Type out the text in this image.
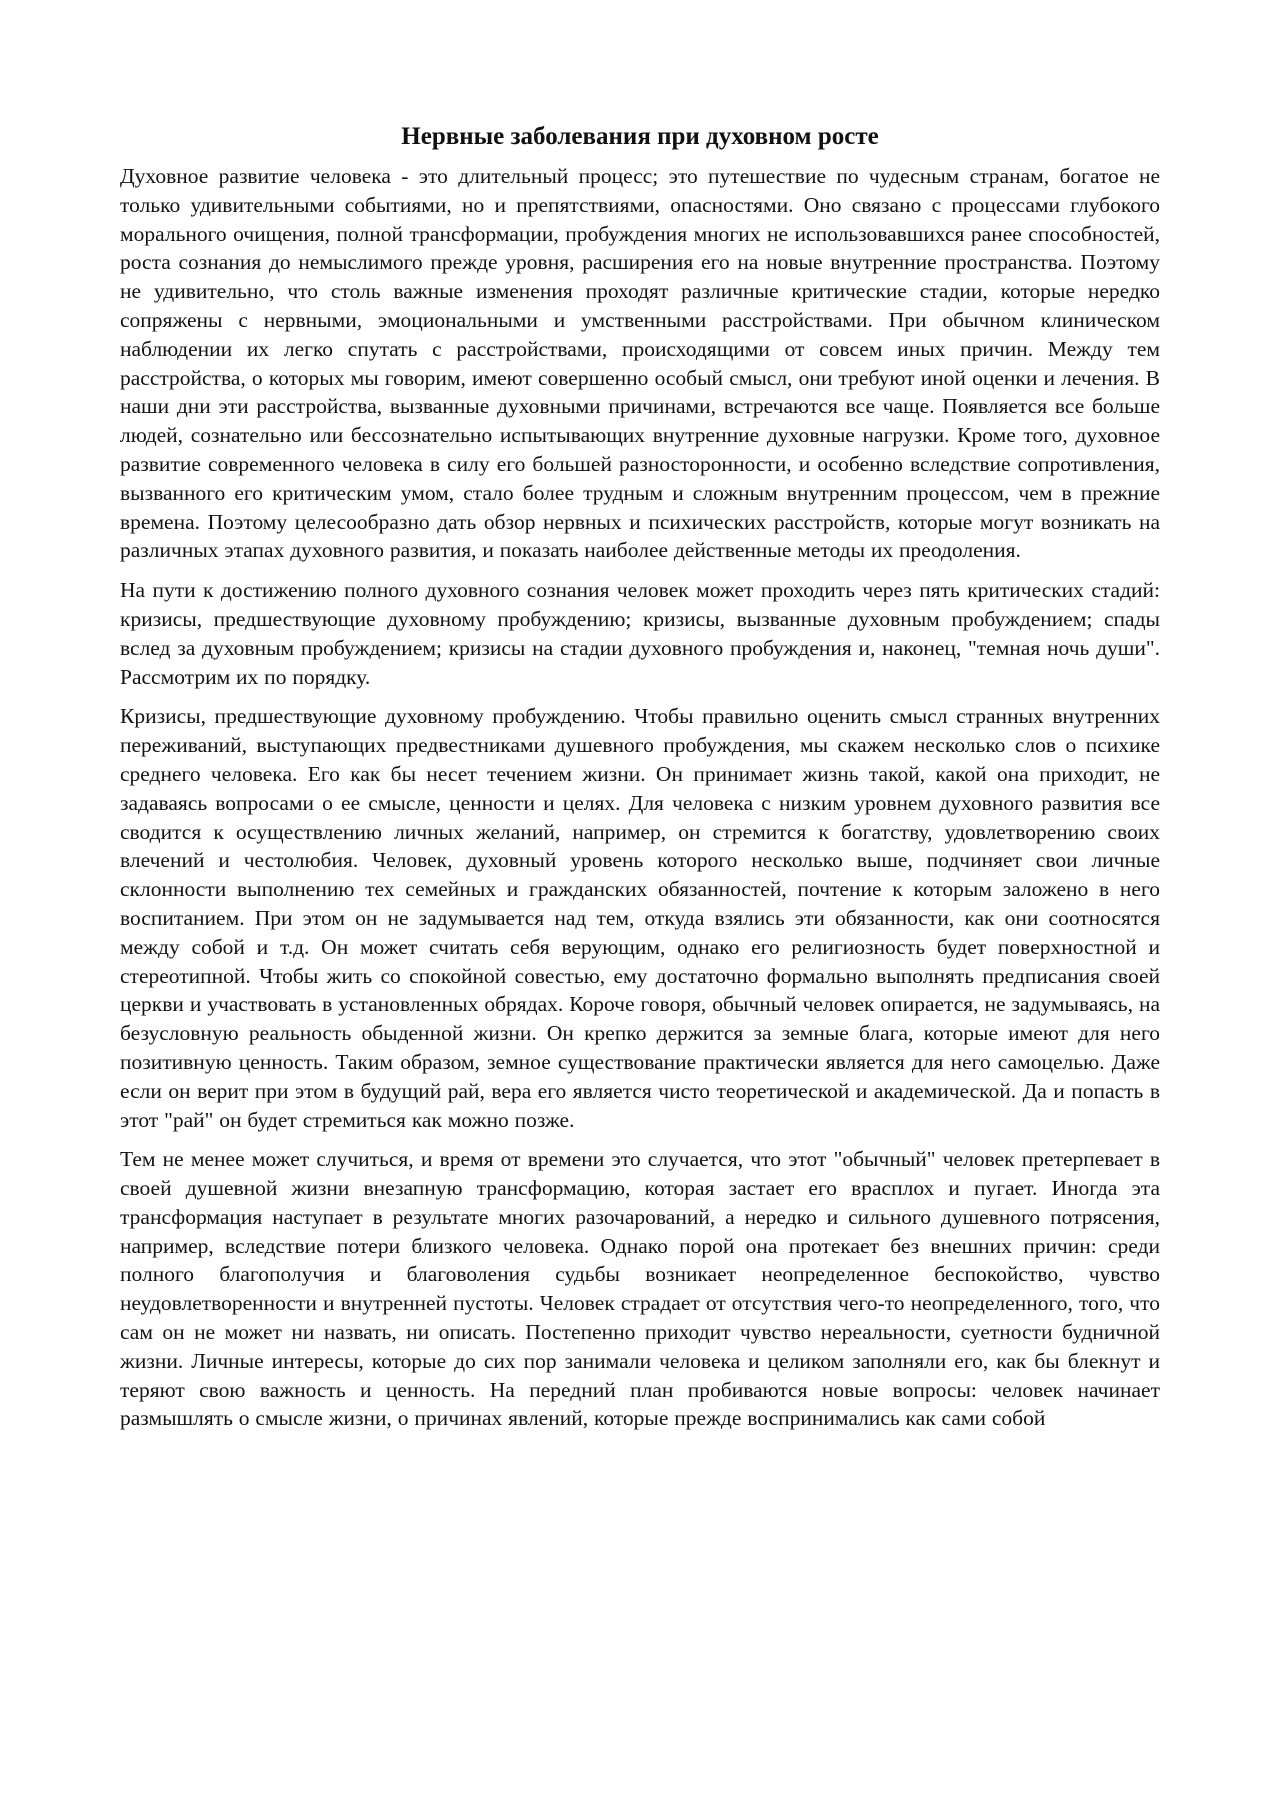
Нервные заболевания при духовном росте

Духовное развитие человека - это длительный процесс; это путешествие по чудесным странам, богатое не только удивительными событиями, но и препятствиями, опасностями. Оно связано с процессами глубокого морального очищения, полной трансформации, пробуждения многих не использовавшихся ранее способностей, роста сознания до немыслимого прежде уровня, расширения его на новые внутренние пространства. Поэтому не удивительно, что столь важные изменения проходят различные критические стадии, которые нередко сопряжены с нервными, эмоциональными и умственными расстройствами. При обычном клиническом наблюдении их легко спутать с расстройствами, происходящими от совсем иных причин. Между тем расстройства, о которых мы говорим, имеют совершенно особый смысл, они требуют иной оценки и лечения. В наши дни эти расстройства, вызванные духовными причинами, встречаются все чаще. Появляется все больше людей, сознательно или бессознательно испытывающих внутренние духовные нагрузки. Кроме того, духовное развитие современного человека в силу его большей разносторонности, и особенно вследствие сопротивления, вызванного его критическим умом, стало более трудным и сложным внутренним процессом, чем в прежние времена. Поэтому целесообразно дать обзор нервных и психических расстройств, которые могут возникать на различных этапах духовного развития, и показать наиболее действенные методы их преодоления.

На пути к достижению полного духовного сознания человек может проходить через пять критических стадий: кризисы, предшествующие духовному пробуждению; кризисы, вызванные духовным пробуждением; спады вслед за духовным пробуждением; кризисы на стадии духовного пробуждения и, наконец, "темная ночь души". Рассмотрим их по порядку.

Кризисы, предшествующие духовному пробуждению. Чтобы правильно оценить смысл странных внутренних переживаний, выступающих предвестниками душевного пробуждения, мы скажем несколько слов о психике среднего человека. Его как бы несет течением жизни. Он принимает жизнь такой, какой она приходит, не задаваясь вопросами о ее смысле, ценности и целях. Для человека с низким уровнем духовного развития все сводится к осуществлению личных желаний, например, он стремится к богатству, удовлетворению своих влечений и честолюбия. Человек, духовный уровень которого несколько выше, подчиняет свои личные склонности выполнению тех семейных и гражданских обязанностей, почтение к которым заложено в него воспитанием. При этом он не задумывается над тем, откуда взялись эти обязанности, как они соотносятся между собой и т.д. Он может считать себя верующим, однако его религиозность будет поверхностной и стереотипной. Чтобы жить со спокойной совестью, ему достаточно формально выполнять предписания своей церкви и участвовать в установленных обрядах. Короче говоря, обычный человек опирается, не задумываясь, на безусловную реальность обыденной жизни. Он крепко держится за земные блага, которые имеют для него позитивную ценность. Таким образом, земное существование практически является для него самоцелью. Даже если он верит при этом в будущий рай, вера его является чисто теоретической и академической. Да и попасть в этот "рай" он будет стремиться как можно позже.

Тем не менее может случиться, и время от времени это случается, что этот "обычный" человек претерпевает в своей душевной жизни внезапную трансформацию, которая застает его врасплох и пугает. Иногда эта трансформация наступает в результате многих разочарований, а нередко и сильного душевного потрясения, например, вследствие потери близкого человека. Однако порой она протекает без внешних причин: среди полного благополучия и благоволения судьбы возникает неопределенное беспокойство, чувство неудовлетворенности и внутренней пустоты. Человек страдает от отсутствия чего-то неопределенного, того, что сам он не может ни назвать, ни описать. Постепенно приходит чувство нереальности, суетности будничной жизни. Личные интересы, которые до сих пор занимали человека и целиком заполняли его, как бы блекнут и теряют свою важность и ценность. На передний план пробиваются новые вопросы: человек начинает размышлять о смысле жизни, о причинах явлений, которые прежде воспринимались как сами собой
